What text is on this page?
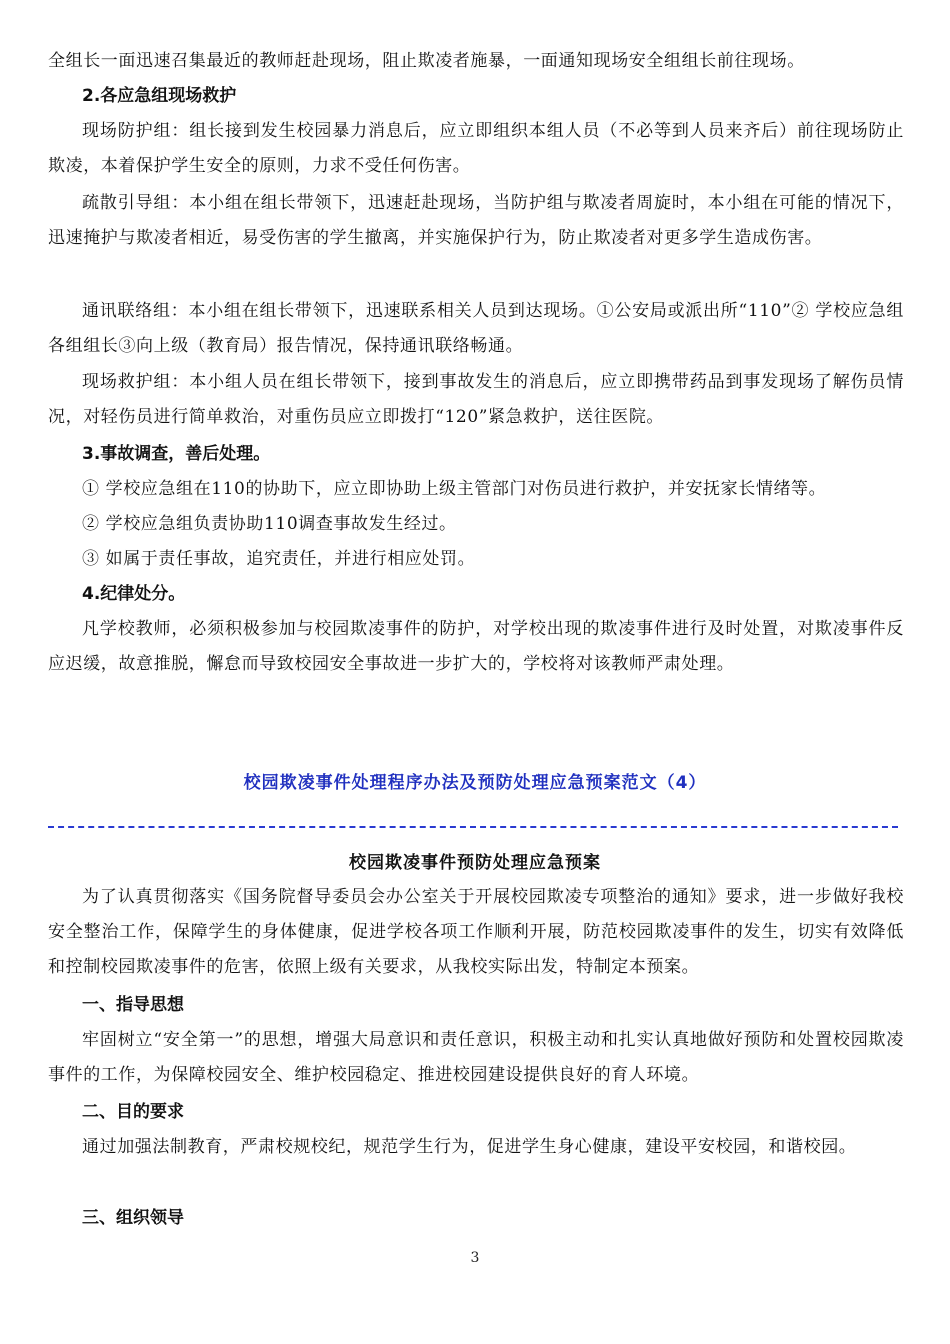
全组长一面迅速召集最近的教师赶赴现场，阻止欺凌者施暴，一面通知现场安全组组长前往现场。

2.各应急组现场救护

现场防护组：组长接到发生校园暴力消息后，应立即组织本组人员（不必等到人员来齐后）前往现场防止欺凌，本着保护学生安全的原则，力求不受任何伤害。

疏散引导组：本小组在组长带领下，迅速赶赴现场，当防护组与欺凌者周旋时，本小组在可能的情况下，迅速掩护与欺凌者相近，易受伤害的学生撤离，并实施保护行为，防止欺凌者对更多学生造成伤害。

通讯联络组：本小组在组长带领下，迅速联系相关人员到达现场。①公安局或派出所“110”② 学校应急组各组组长③向上级（教育局）报告情况，保持通讯联络畅通。

现场救护组：本小组人员在组长带领下，接到事故发生的消息后，应立即携带药品到事发现场了解伤员情况，对轻伤员进行简单救治，对重伤员应立即拨打“120”紧急救护，送往医院。

3.事故调查，善后处理。

① 学校应急组在110的协助下，应立即协助上级主管部门对伤员进行救护，并安抚家长情绪等。

② 学校应急组负责协助110调查事故发生经过。

③ 如属于责任事故，追究责任，并进行相应处罚。

4.纪律处分。

凡学校教师，必须积极参加与校园欺凌事件的防护，对学校出现的欺凌事件进行及时处置，对欺凌事件反应迟缓，故意推脱，懈怠而导致校园安全事故进一步扩大的，学校将对该教师严肃处理。

校园欺凌事件处理程序办法及预防处理应急预案范文（4）

校园欺凌事件预防处理应急预案

为了认真贯彻落实《国务院督导委员会办公室关于开展校园欺凌专项整治的通知》要求，进一步做好我校安全整治工作，保障学生的身体健康，促进学校各项工作顺利开展，防范校园欺凌事件的发生，切实有效降低和控制校园欺凌事件的危害，依照上级有关要求，从我校实际出发，特制定本预案。

一、指导思想

牢固树立“安全第一”的思想，增强大局意识和责任意识，积极主动和扎实认真地做好预防和处置校园欺凌事件的工作，为保障校园安全、维护校园稳定、推进校园建设提供良好的育人环境。

二、目的要求

通过加强法制教育，严肃校规校纪，规范学生行为，促进学生身心健康，建设平安校园，和谐校园。

三、组织领导

3
